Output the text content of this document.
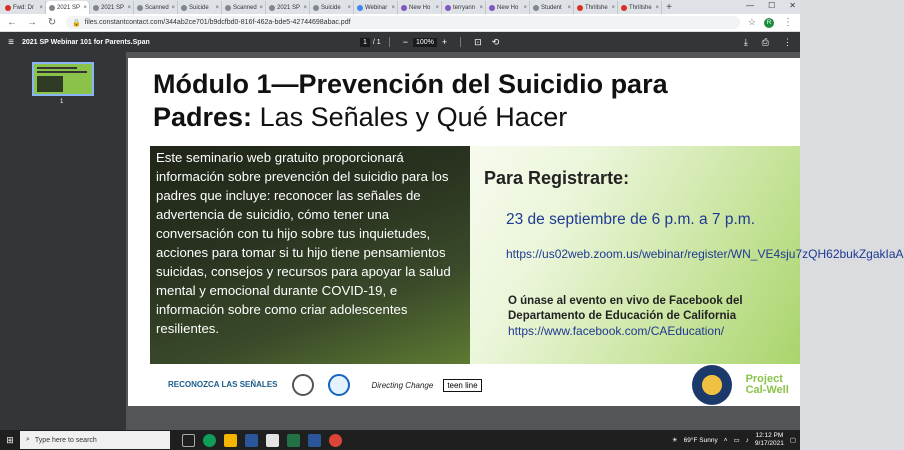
Fwd: Dr × 2021 SP × 2021 SP × Scanned × Suicide × Scanned × 2021 SP × Suicide × Webinar × New Ho × terryann × New Ho × Student × Thrillshe × Thrillshe × +	— ☐ ✕
← → ↻ 🔒 files.constantcontact.com/344ab2ce701/b9dcfbd0-816f-462a-bde5-427446​98abac.pdf	☆	R ⋮
≡	2021 SP Webinar 101 for Parents.Span	1 / 1 −	100% +	⊡ ⟲	⤓ ⎙ ⋮
1
Módulo 1—Prevención del Suicidio para
Padres: Las Señales y Qué Hacer
Este seminario web gratuito proporcionará información sobre prevención del suicidio para los padres que incluye: reconocer las señales de advertencia de suicidio, cómo tener una conversación con tu hijo sobre tus inquietudes, acciones para tomar si tu hijo tiene pensamientos suicidas, consejos y recursos para apoyar la salud mental y emocional durante COVID-19, e información sobre como criar adolescentes resilientes.
Para Registrarte:
23 de septiembre de 6 p.m. a 7 p.m.
https://us02web.zoom.us/webinar/register/WN_VE4sju7zQH62bukZgakIaA
O únase al evento en vivo de Facebook del Departamento de Educación de California
https://www.facebook.com/CAEducation/
RECONOZCA LAS SEÑALES	Directing Change	teen line	Project
Cal-Well
⊞	⌕ Type here to search	☀ 69°F Sunny ˄ ▭ ♪
12:12 PM
9/17/2021 ▢
